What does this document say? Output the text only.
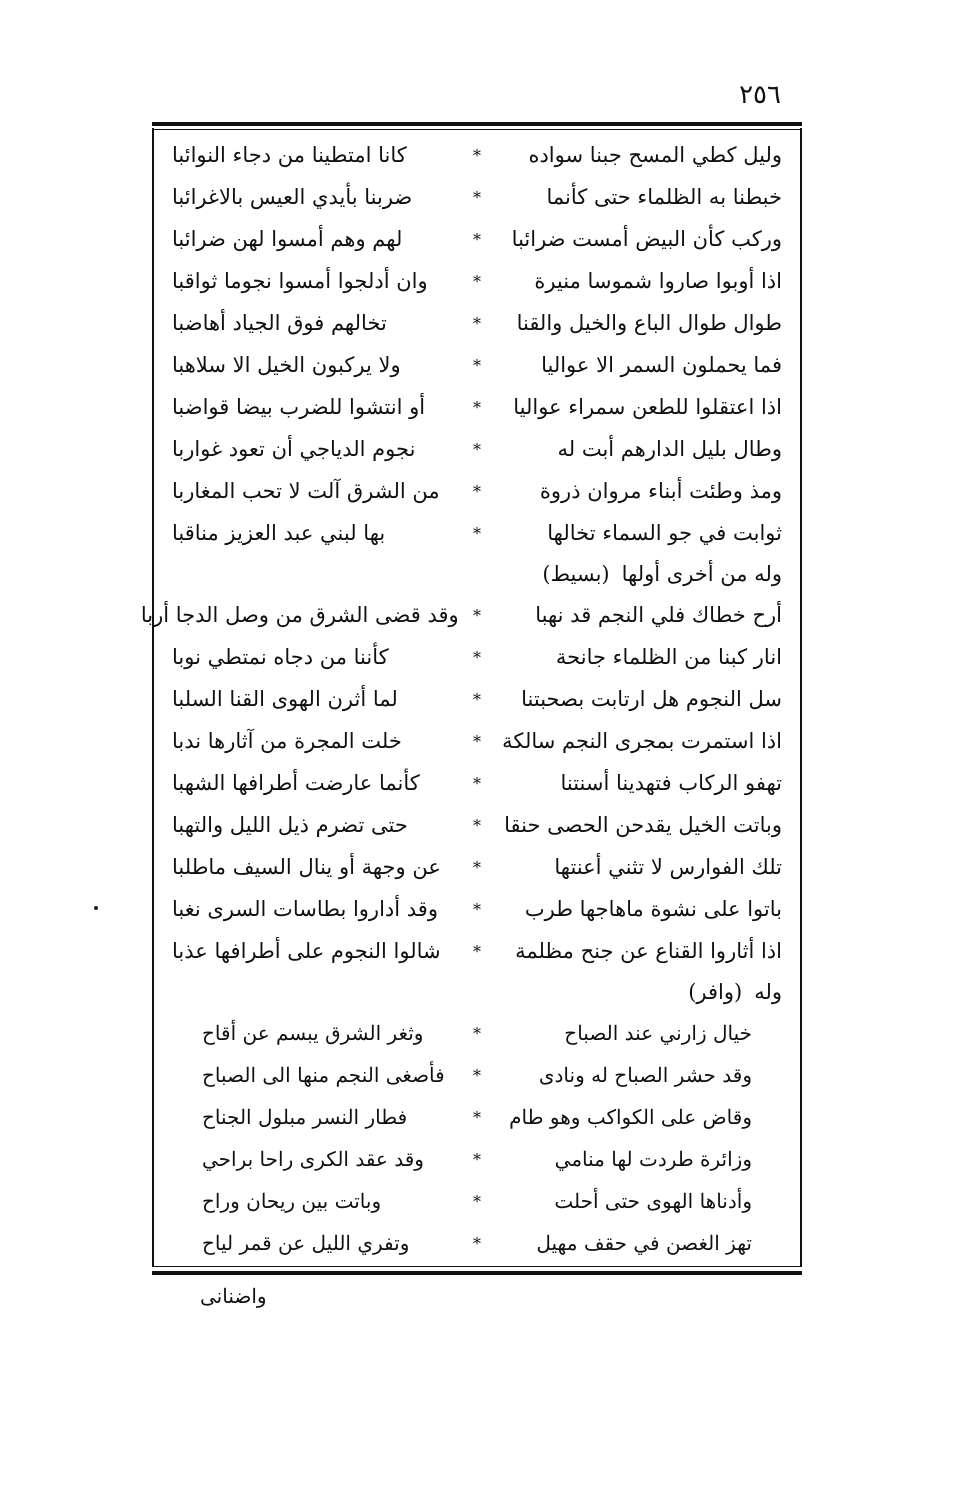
٢٥٦
وليل كطي المسح جبنا سواده
*
كانا امتطينا من دجاء النوائبا
خبطنا به الظلماء حتى كأنما
*
ضربنا بأيدي العيس بالاغرائبا
وركب كأن البيض أمست ضرائبا
*
لهم وهم أمسوا لهن ضرائبا
اذا أوبوا صاروا شموسا منيرة
*
وان أدلجوا أمسوا نجوما ثواقبا
طوال طوال الباع والخيل والقنا
*
تخالهم فوق الجياد أهاضبا
فما يحملون السمر الا عواليا
*
ولا يركبون الخيل الا سلاهبا
اذا اعتقلوا للطعن سمراء عواليا
*
أو انتشوا للضرب بيضا قواضبا
وطال بليل الدارهم أبت له
*
نجوم الدياجي أن تعود غواربا
ومذ وطئت أبناء مروان ذروة
*
من الشرق آلت لا تحب المغاربا
ثوابت في جو السماء تخالها
*
بها لبني عبد العزيز مناقبا
وله من أخرى أولها
(بسيط)
أرح خطاك فلي النجم قد نهبا
*
وقد قضى الشرق من وصل الدجا أربا
انار كبنا من الظلماء جانحة
*
كأننا من دجاه نمتطي نوبا
سل النجوم هل ارتابت بصحبتنا
*
لما أثرن الهوى القنا السلبا
اذا استمرت بمجرى النجم سالكة
*
خلت المجرة من آثارها ندبا
تهفو الركاب فتهدينا أسنتنا
*
كأنما عارضت أطرافها الشهبا
وباتت الخيل يقدحن الحصى حنقا
*
حتى تضرم ذيل الليل والتهبا
تلك الفوارس لا تثني أعنتها
*
عن وجهة أو ينال السيف ماطلبا
باتوا على نشوة ماهاجها طرب
*
وقد أداروا بطاسات السرى نغبا
اذا أثاروا القناع عن جنح مظلمة
*
شالوا النجوم على أطرافها عذبا
وله
(وافر)
خيال زارني عند الصباح
*
وثغر الشرق يبسم عن أقاح
وقد حشر الصباح له ونادى
*
فأصغى النجم منها الى الصباح
وقاض على الكواكب وهو طام
*
فطار النسر مبلول الجناح
وزائرة طردت لها منامي
*
وقد عقد الكرى راحا براحي
وأدناها الهوى حتى أحلت
*
وباتت بين ريحان وراح
تهز الغصن في حقف مهيل
*
وتفري الليل عن قمر لياح
واضنانی
